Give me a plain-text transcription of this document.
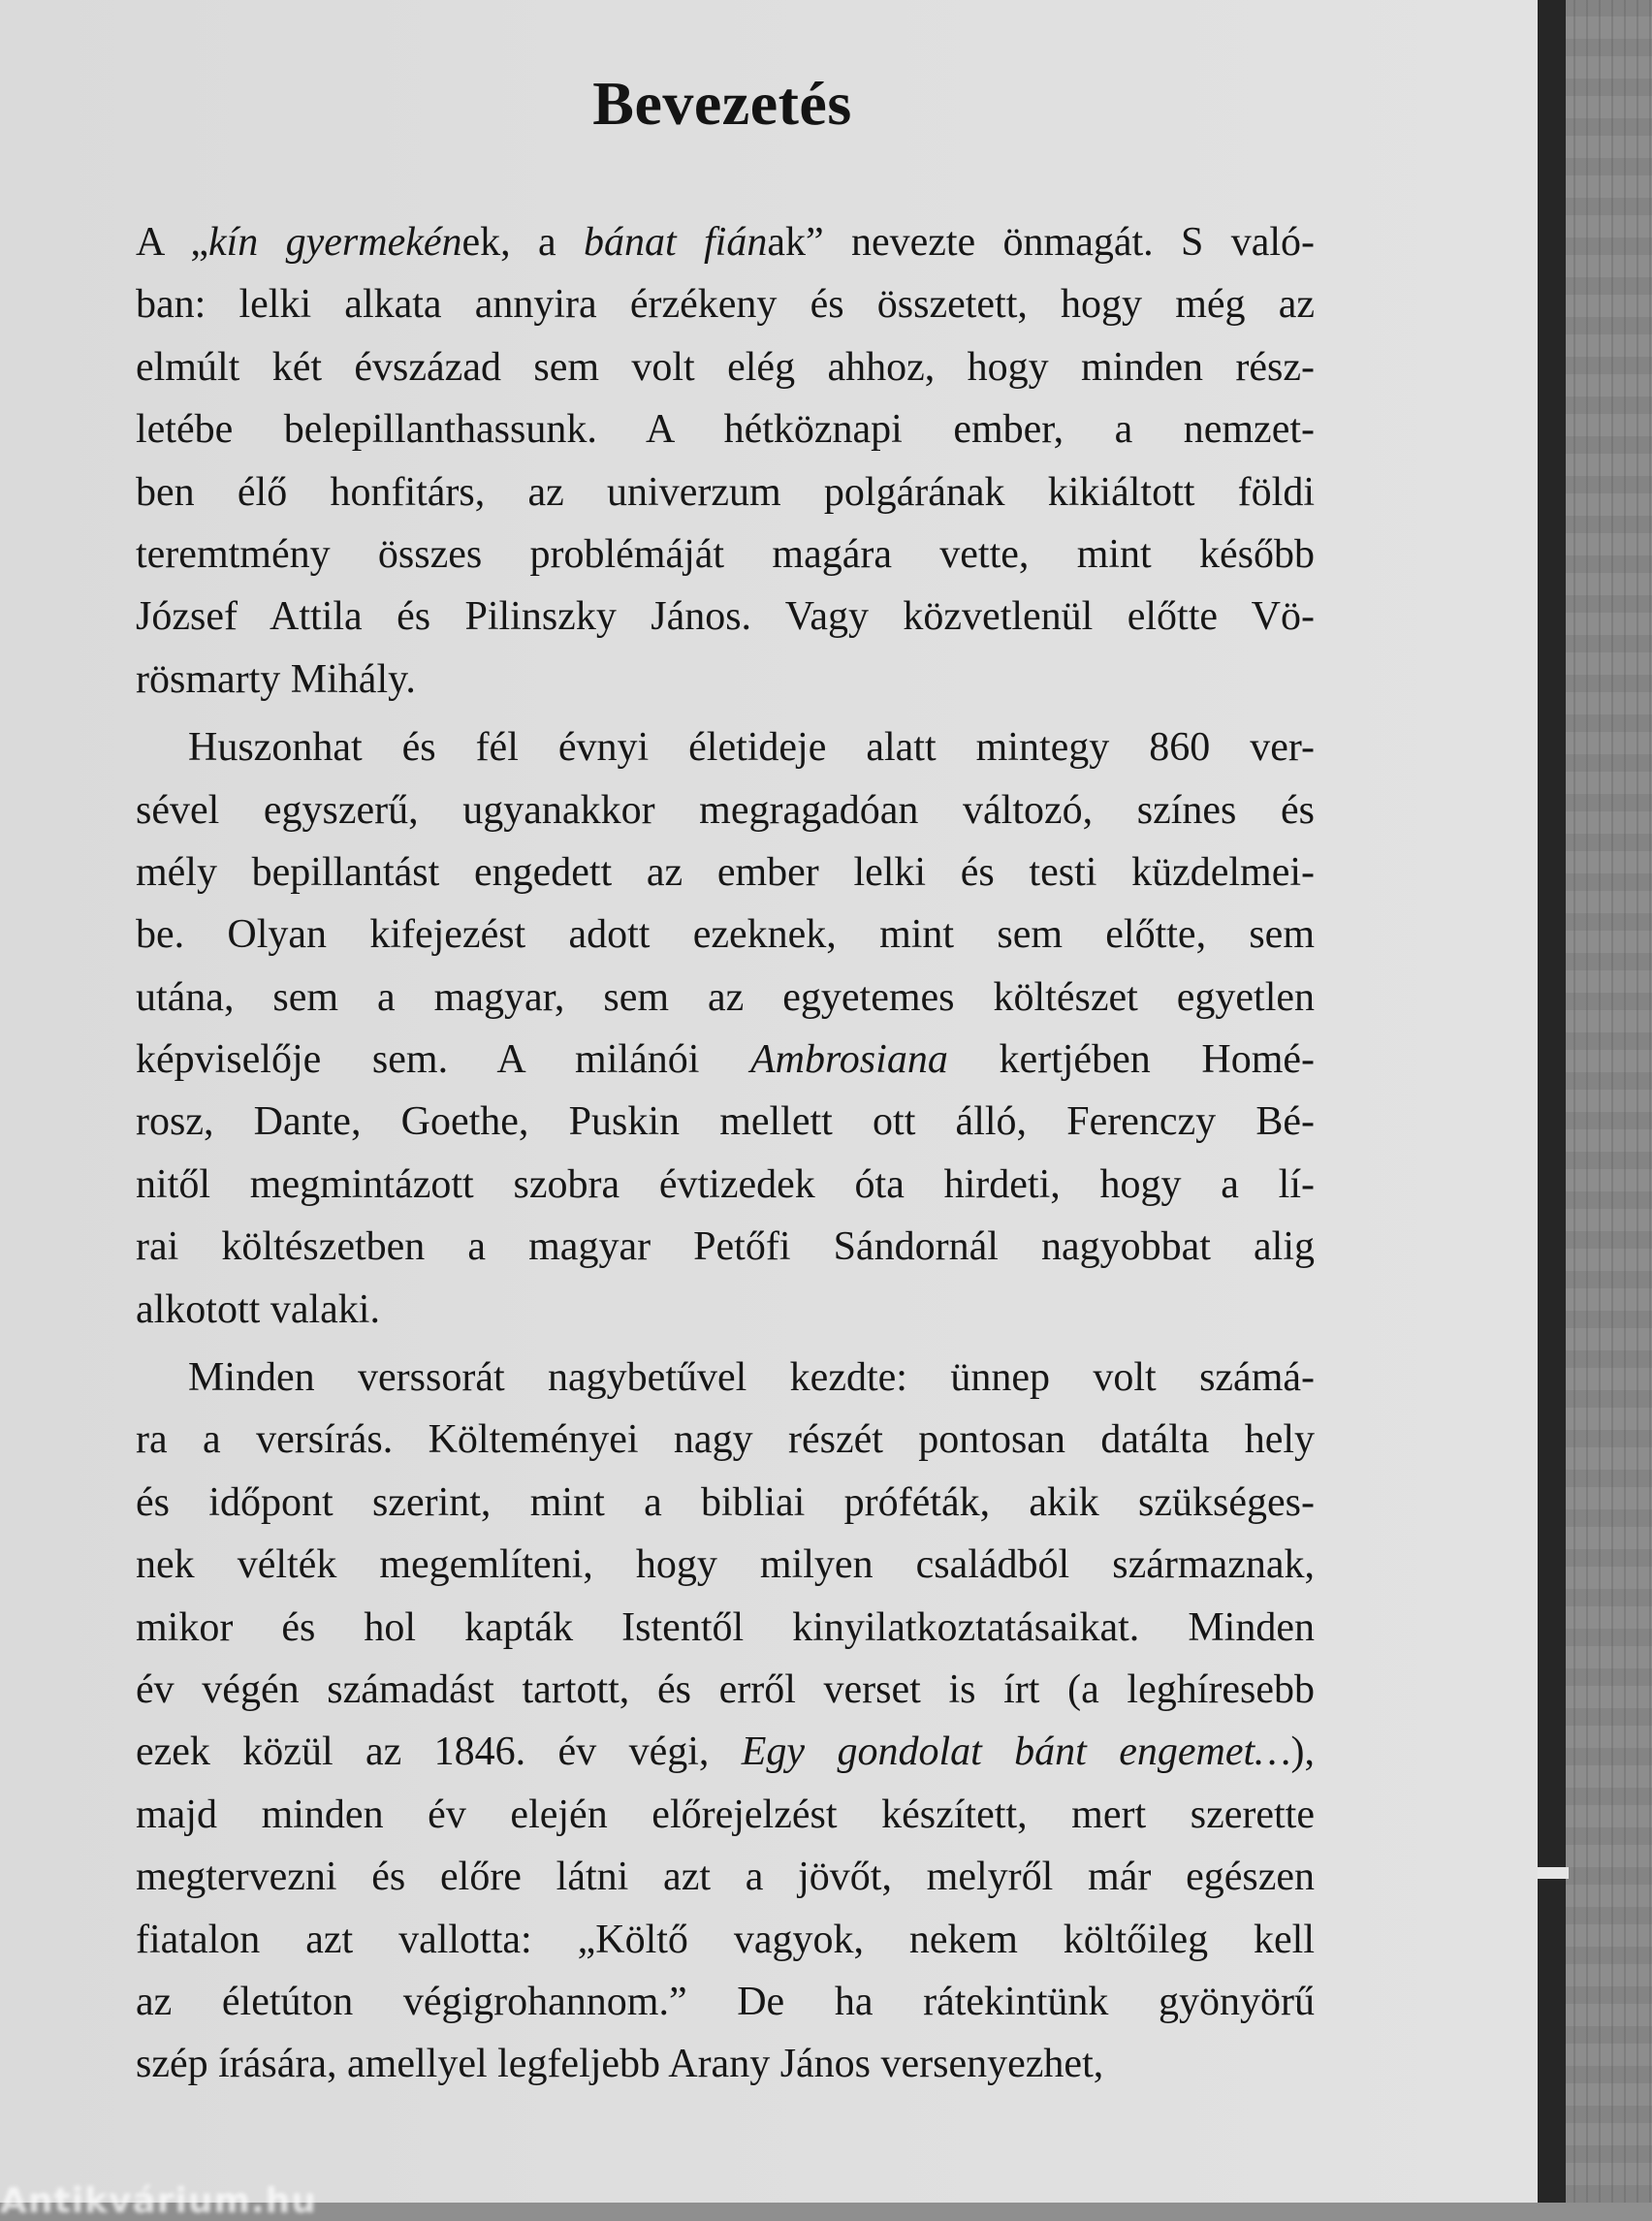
Bevezetés
A „kín gyermekének, a bánat fiának” nevezte önmagát. S való-
ban: lelki alkata annyira érzékeny és összetett, hogy még az
elmúlt két évszázad sem volt elég ahhoz, hogy minden rész-
letébe belepillanthassunk. A hétköznapi ember, a nemzet-
ben élő honfitárs, az univerzum polgárának kikiáltott földi
teremtmény összes problémáját magára vette, mint később
József Attila és Pilinszky János. Vagy közvetlenül előtte Vö-
rösmarty Mihály.
Huszonhat és fél évnyi életideje alatt mintegy 860 ver-
sével egyszerű, ugyanakkor megragadóan változó, színes és
mély bepillantást engedett az ember lelki és testi küzdelmei-
be. Olyan kifejezést adott ezeknek, mint sem előtte, sem
utána, sem a magyar, sem az egyetemes költészet egyetlen
képviselője sem. A milánói Ambrosiana kertjében Homé-
rosz, Dante, Goethe, Puskin mellett ott álló, Ferenczy Bé-
nitől megmintázott szobra évtizedek óta hirdeti, hogy a lí-
rai költészetben a magyar Petőfi Sándornál nagyobbat alig
alkotott valaki.
Minden verssorát nagybetűvel kezdte: ünnep volt számá-
ra a versírás. Költeményei nagy részét pontosan datálta hely
és időpont szerint, mint a bibliai próféták, akik szükséges-
nek vélték megemlíteni, hogy milyen családból származnak,
mikor és hol kapták Istentől kinyilatkoztatásaikat. Minden
év végén számadást tartott, és erről verset is írt (a leghíresebb
ezek közül az 1846. év végi, Egy gondolat bánt engemet…),
majd minden év elején előrejelzést készített, mert szerette
megtervezni és előre látni azt a jövőt, melyről már egészen
fiatalon azt vallotta: „Költő vagyok, nekem költőileg kell
az életúton végigrohannom.” De ha rátekintünk gyönyörű
szép írására, amellyel legfeljebb Arany János versenyezhet,
Antikvárium.hu
